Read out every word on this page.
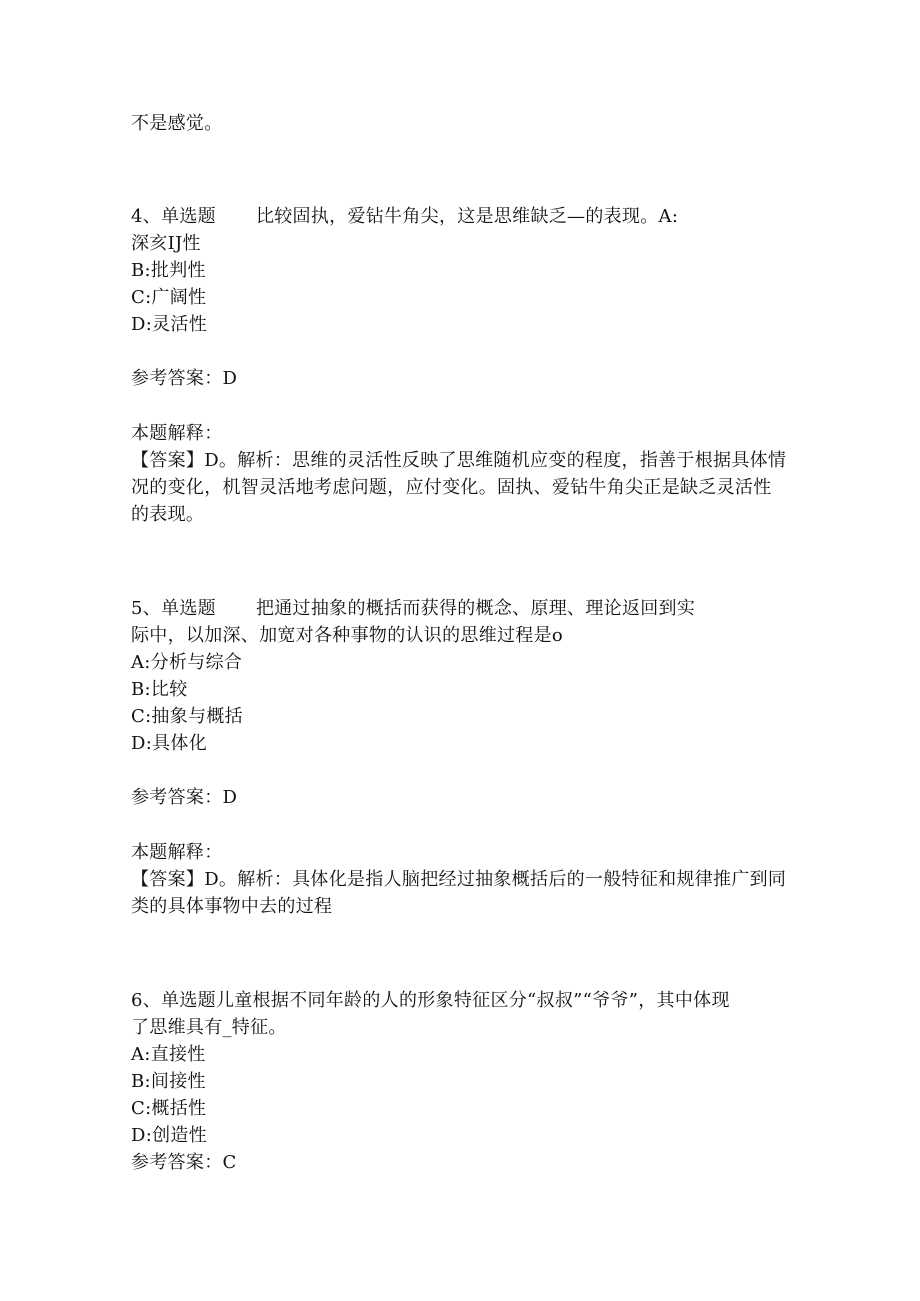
不是感觉。
4、单选题 比较固执，爱钻牛角尖，这是思维缺乏—的表现。A:
深亥IJ性
B:批判性
C:广阔性
D:灵活性
参考答案：D
本题解释：
【答案】D。解析：思维的灵活性反映了思维随机应变的程度，指善于根据具体情
况的变化，机智灵活地考虑问题，应付变化。固执、爱钻牛角尖正是缺乏灵活性
的表现。
5、单选题 把通过抽象的概括而获得的概念、原理、理论返回到实
际中，以加深、加宽对各种事物的认识的思维过程是o
A:分析与综合
B:比较
C:抽象与概括
D:具体化
参考答案：D
本题解释：
【答案】D。解析：具体化是指人脑把经过抽象概括后的一般特征和规律推广到同
类的具体事物中去的过程
6、单选题儿童根据不同年龄的人的形象特征区分“叔叔”“爷爷”，其中体现
了思维具有_特征。
A:直接性
B:间接性
C:概括性
D:创造性
参考答案：C
